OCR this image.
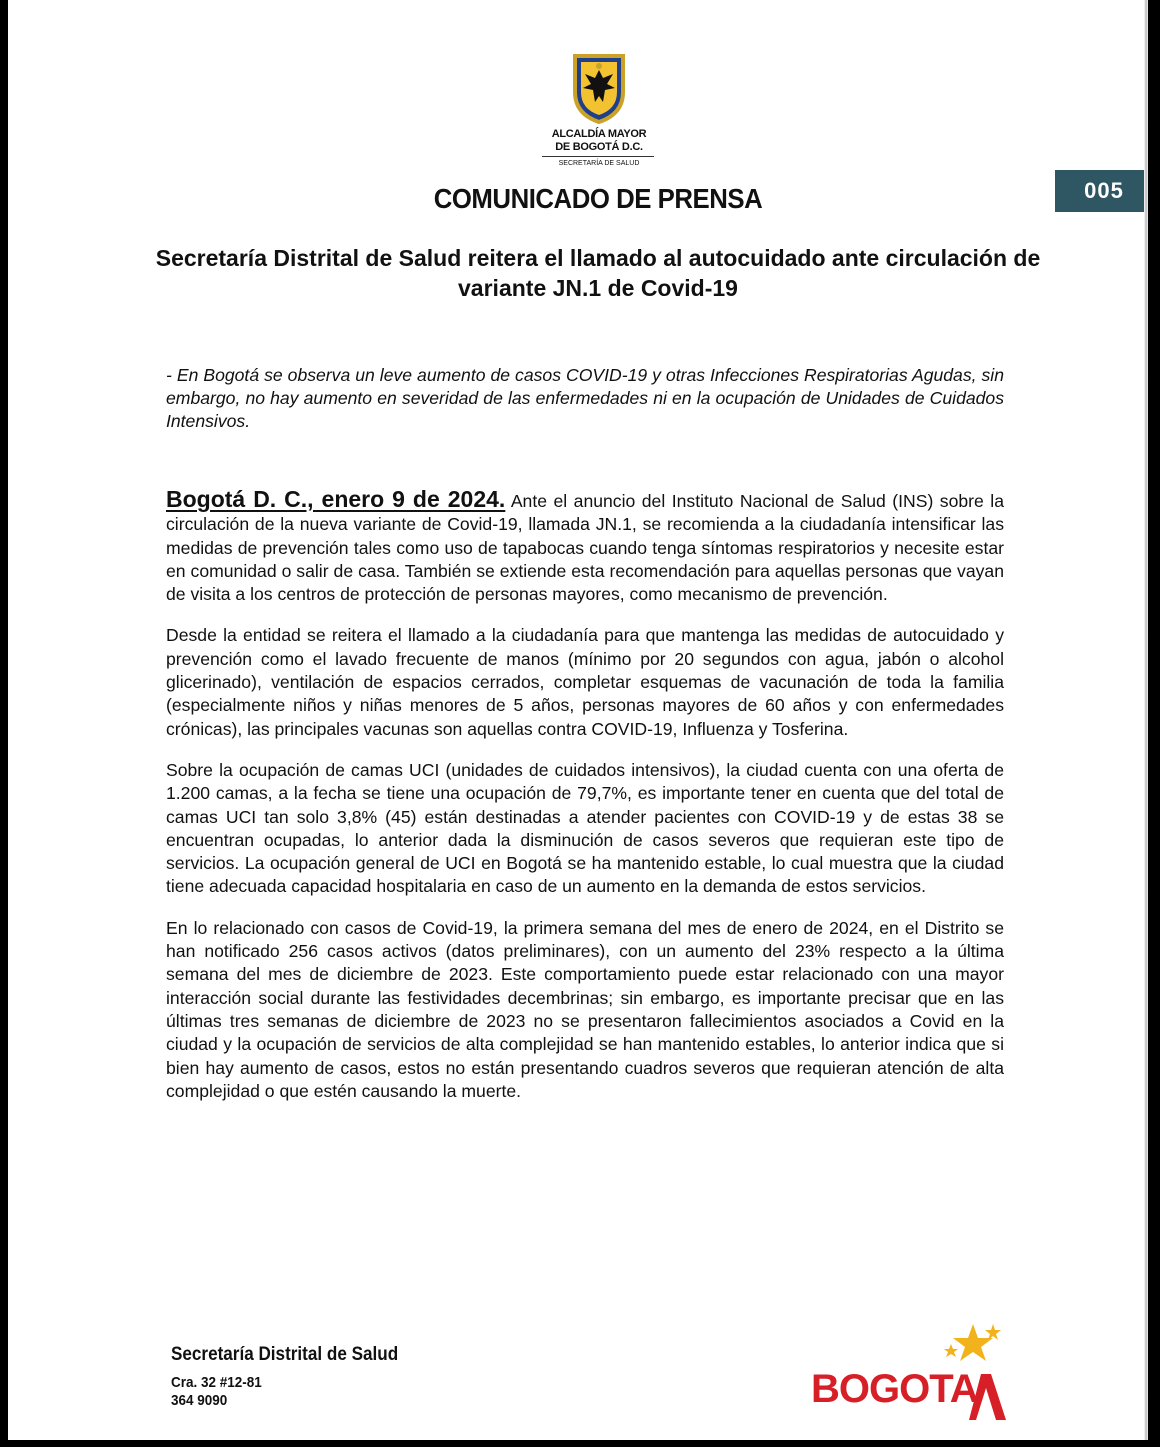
ALCALDÍA MAYOR
DE BOGOTÁ D.C.
SECRETARÍA DE SALUD
005
COMUNICADO DE PRENSA
Secretaría Distrital de Salud reitera el llamado al autocuidado ante circulación de variante JN.1 de Covid-19

- En Bogotá se observa un leve aumento de casos COVID-19 y otras Infecciones Respiratorias Agudas, sin embargo, no hay aumento en severidad de las enfermedades ni en la ocupación de Unidades de Cuidados Intensivos.

Bogotá D. C., enero 9 de 2024. Ante el anuncio del Instituto Nacional de Salud (INS) sobre la circulación de la nueva variante de Covid-19, llamada JN.1, se recomienda a la ciudadanía intensificar las medidas de prevención tales como uso de tapabocas cuando tenga síntomas respiratorios y necesite estar en comunidad o salir de casa. También se extiende esta recomendación para aquellas personas que vayan de visita a los centros de protección de personas mayores, como mecanismo de prevención.

Desde la entidad se reitera el llamado a la ciudadanía para que mantenga las medidas de autocuidado y prevención como el lavado frecuente de manos (mínimo por 20 segundos con agua, jabón o alcohol glicerinado), ventilación de espacios cerrados, completar esquemas de vacunación de toda la familia (especialmente niños y niñas menores de 5 años, personas mayores de 60 años y con enfermedades crónicas), las principales vacunas son aquellas contra COVID-19, Influenza y Tosferina.

Sobre la ocupación de camas UCI (unidades de cuidados intensivos), la ciudad cuenta con una oferta de 1.200 camas, a la fecha se tiene una ocupación de 79,7%, es importante tener en cuenta que del total de camas UCI tan solo 3,8% (45) están destinadas a atender pacientes con COVID-19 y de estas 38 se encuentran ocupadas, lo anterior dada la disminución de casos severos que requieran este tipo de servicios. La ocupación general de UCI en Bogotá se ha mantenido estable, lo cual muestra que la ciudad tiene adecuada capacidad hospitalaria en caso de un aumento en la demanda de estos servicios.

En lo relacionado con casos de Covid-19, la primera semana del mes de enero de 2024, en el Distrito se han notificado 256 casos activos (datos preliminares), con un aumento del 23% respecto a la última semana del mes de diciembre de 2023. Este comportamiento puede estar relacionado con una mayor interacción social durante las festividades decembrinas; sin embargo, es importante precisar que en las últimas tres semanas de diciembre de 2023 no se presentaron fallecimientos asociados a Covid en la ciudad y la ocupación de servicios de alta complejidad se han mantenido estables, lo anterior indica que si bien hay aumento de casos, estos no están presentando cuadros severos que requieran atención de alta complejidad o que estén causando la muerte.

Secretaría Distrital de Salud
Cra. 32 #12-81
364 9090	BOGOTA
